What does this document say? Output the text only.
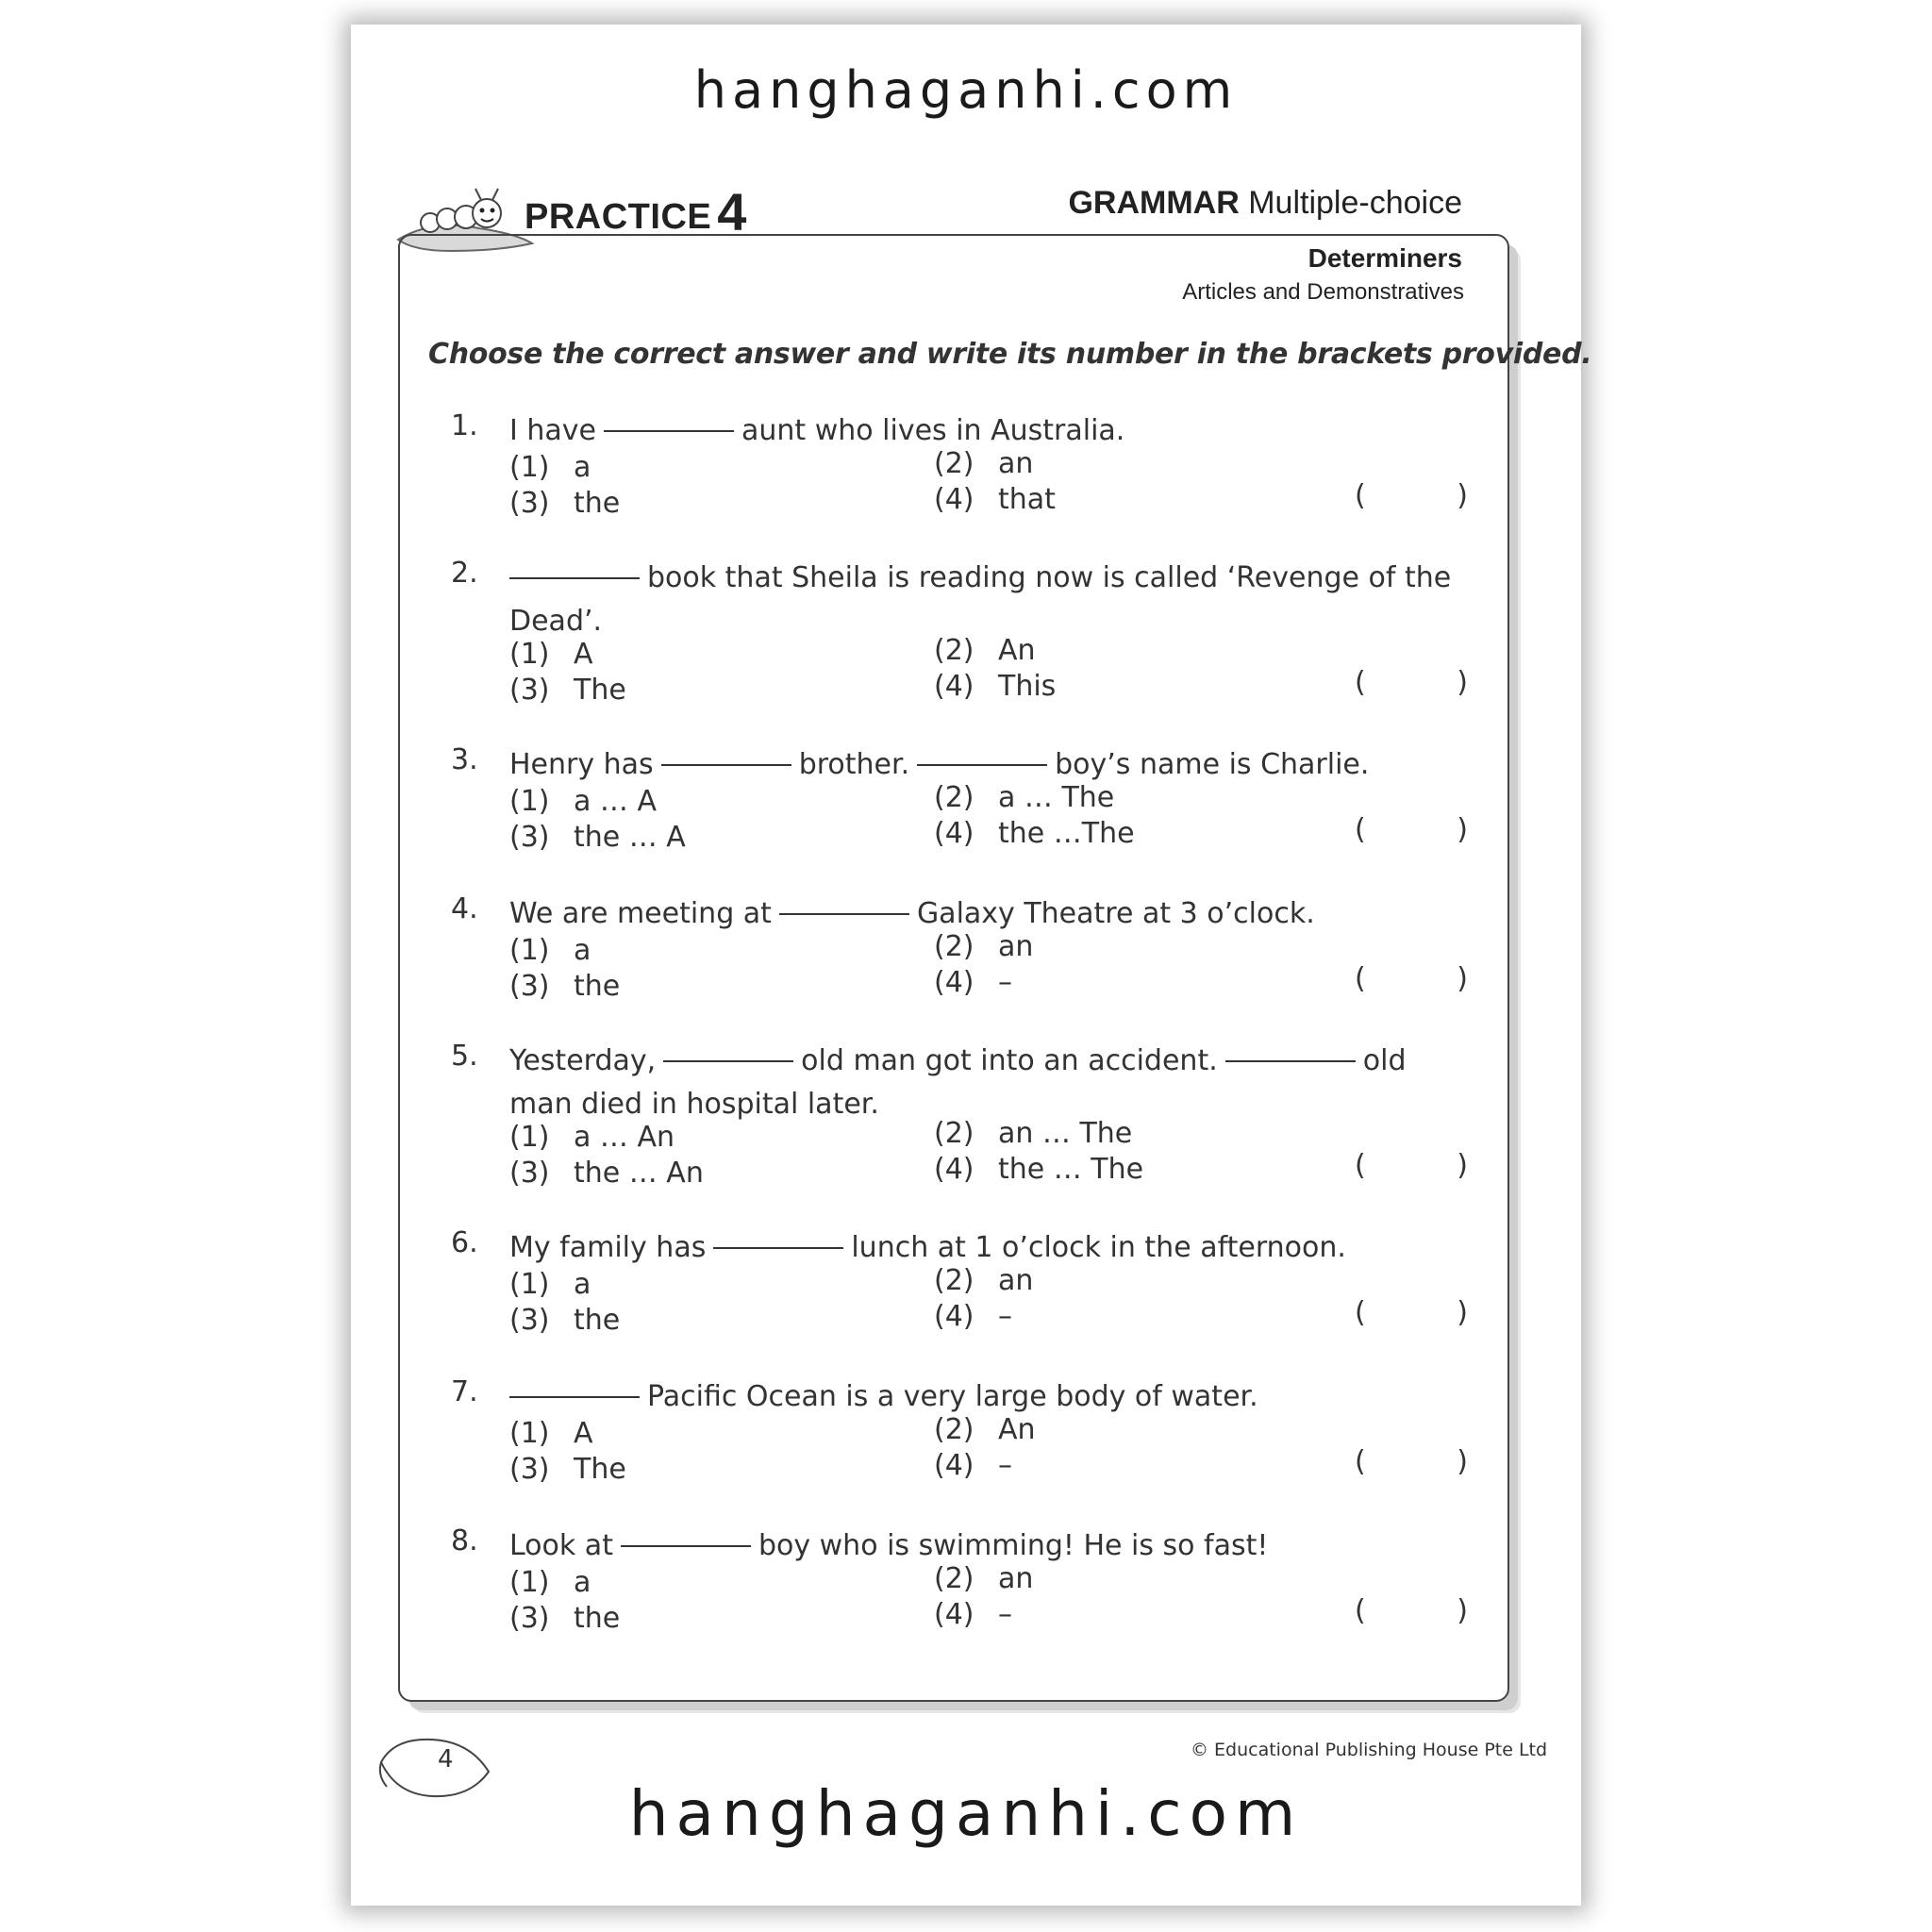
hanghaganhi.com
PRACTICE 4	GRAMMAR Multiple-choice
Determiners
Articles and Demonstratives
Choose the correct answer and write its number in the brackets provided.
1. I have	aunt who lives in Australia.
(1) a	(2) an
(3) the	(4) that	(	)
2.	book that Sheila is reading now is called ‘Revenge of the Dead’.
(1) A	(2) An
(3) The	(4) This	(	)
3. Henry has	brother.	boy’s name is Charlie.
(1) a … A	(2) a … The
(3) the … A	(4) the …The	(	)
4. We are meeting at	Galaxy Theatre at 3 o’clock.
(1) a	(2) an
(3) the	(4) –	(	)
5. Yesterday,	old man got into an accident.	old man died in hospital later.
(1) a … An	(2) an … The
(3) the … An	(4) the … The	(	)
6. My family has	lunch at 1 o’clock in the afternoon.
(1) a	(2) an
(3) the	(4) –	(	)
7.	Pacific Ocean is a very large body of water.
(1) A	(2) An
(3) The	(4) –	(	)
8. Look at	boy who is swimming! He is so fast!
(1) a	(2) an
(3) the	(4) –	(	)
4	© Educational Publishing House Pte Ltd
hanghaganhi.com
